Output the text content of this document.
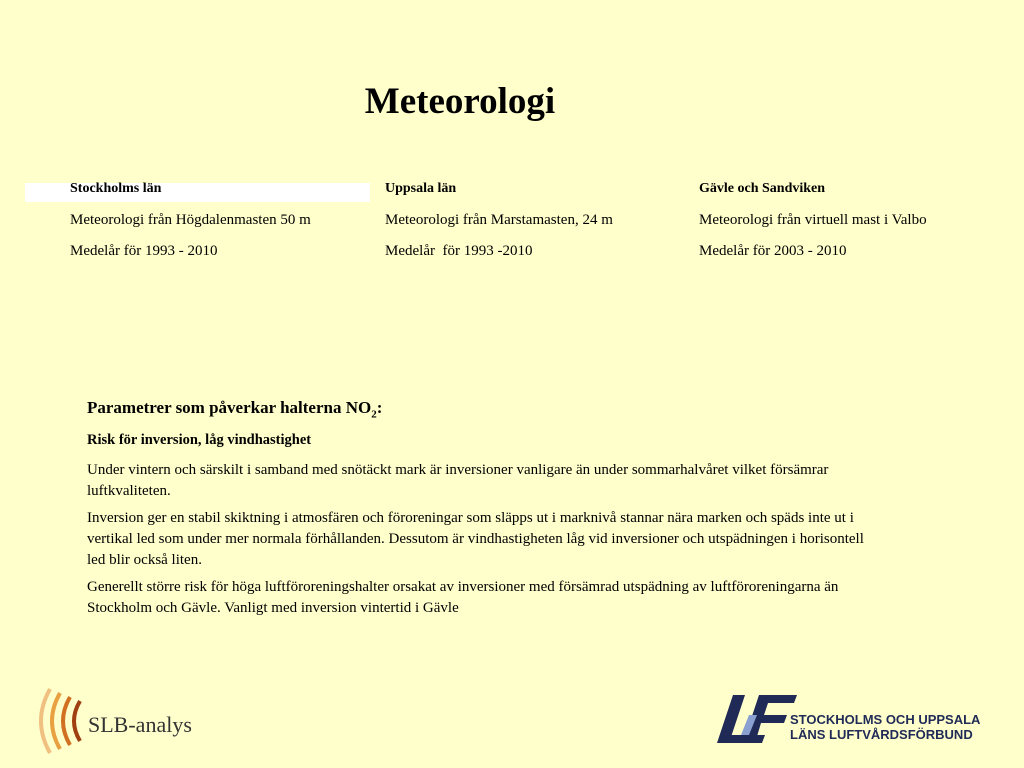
Meteorologi
Stockholms län
Meteorologi från Högdalenmasten 50 m
Medelår för 1993 - 2010
Uppsala län
Meteorologi från Marstamasten, 24 m
Medelår  för 1993 -2010
Gävle och Sandviken
Meteorologi från virtuell mast i Valbo
Medelår för 2003 - 2010
Parametrer som påverkar halterna $NO_2$:
Risk för inversion, låg vindhastighet

Under vintern och särskilt i samband med snötäckt mark är inversioner vanligare än under sommarhalvåret vilket försämrar luftkvaliteten.

Inversion ger en stabil skiktning i atmosfären och föroreningar som släpps ut i marknivå stannar nära marken och späds inte ut i vertikal led som under mer normala förhållanden. Dessutom är vindhastigheten låg vid inversioner och utspädningen i horisontell led blir också liten.

Generellt större risk för höga luftföroreningshalter orsakat av inversioner med försämrad utspädning av luftföroreningarna än Stockholm och Gävle. Vanligt med inversion vintertid i Gävle

SLB-analys	STOCKHOLMS OCH UPPSALA
LÄNS LUFTVÅRDSFÖRBUND
